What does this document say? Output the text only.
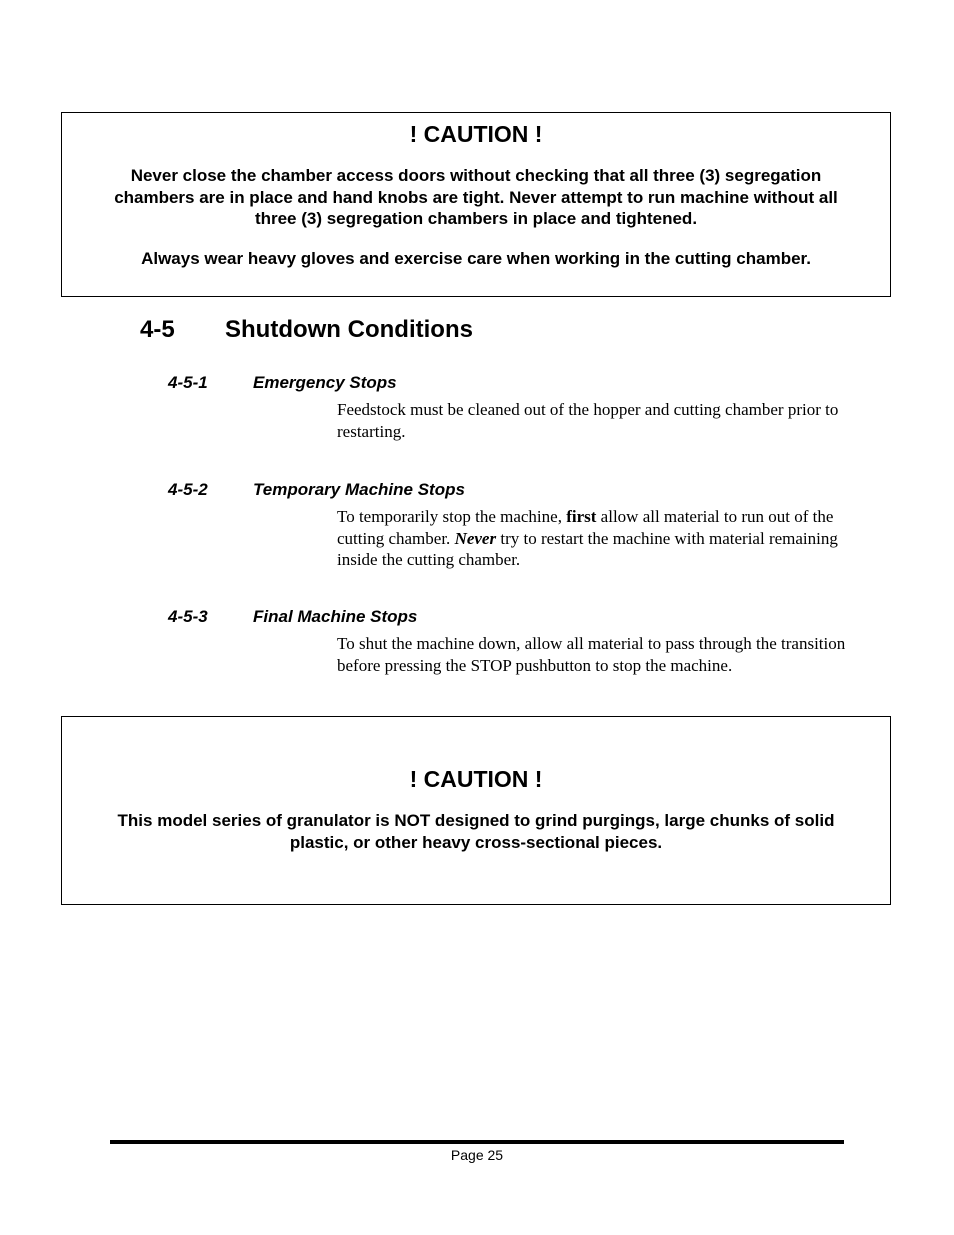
! CAUTION !

Never close the chamber access doors without checking that all three (3) segregation chambers are in place and hand knobs are tight. Never attempt to run machine without all three (3) segregation chambers in place and tightened.

Always wear heavy gloves and exercise care when working in the cutting chamber.

4-5 Shutdown Conditions
4-5-1	Emergency Stops

Feedstock must be cleaned out of the hopper and cutting chamber prior to restarting.

4-5-2	Temporary Machine Stops

To temporarily stop the machine, first allow all material to run out of the cutting chamber. Never try to restart the machine with material remaining inside the cutting chamber.

4-5-3	Final Machine Stops

To shut the machine down, allow all material to pass through the transition before pressing the STOP pushbutton to stop the machine.

! CAUTION !

This model series of granulator is NOT designed to grind purgings, large chunks of solid plastic, or other heavy cross-sectional pieces.

Page 25
